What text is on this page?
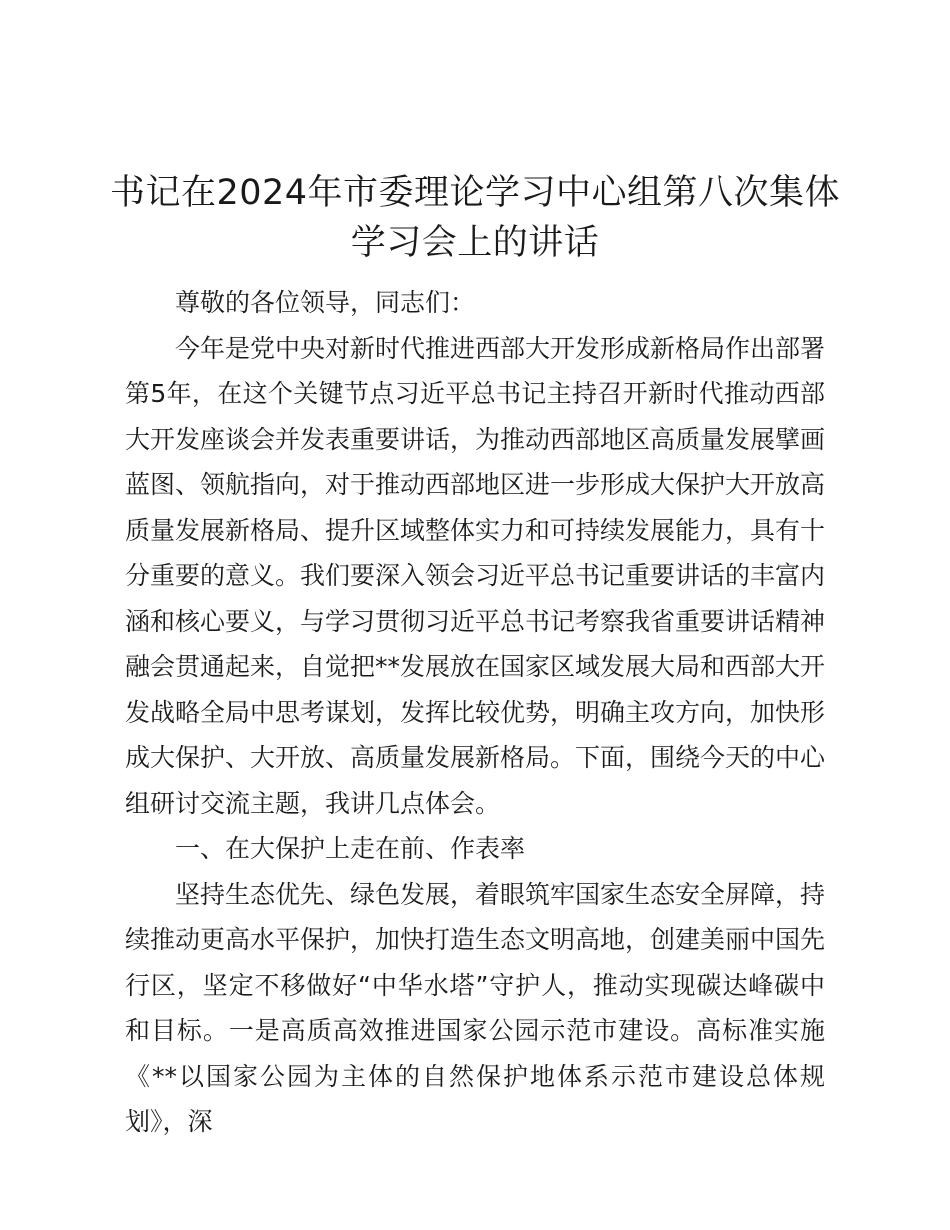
书记在2024年市委理论学习中心组第八次集体学习会上的讲话

尊敬的各位领导，同志们：

今年是党中央对新时代推进西部大开发形成新格局作出部署第5年，在这个关键节点习近平总书记主持召开新时代推动西部大开发座谈会并发表重要讲话，为推动西部地区高质量发展擘画蓝图、领航指向，对于推动西部地区进一步形成大保护大开放高质量发展新格局、提升区域整体实力和可持续发展能力，具有十分重要的意义。我们要深入领会习近平总书记重要讲话的丰富内涵和核心要义，与学习贯彻习近平总书记考察我省重要讲话精神融会贯通起来，自觉把**发展放在国家区域发展大局和西部大开发战略全局中思考谋划，发挥比较优势，明确主攻方向，加快形成大保护、大开放、高质量发展新格局。下面，围绕今天的中心组研讨交流主题，我讲几点体会。

一、在大保护上走在前、作表率

坚持生态优先、绿色发展，着眼筑牢国家生态安全屏障，持续推动更高水平保护，加快打造生态文明高地，创建美丽中国先行区，坚定不移做好“中华水塔”守护人，推动实现碳达峰碳中和目标。一是高质高效推进国家公园示范市建设。高标准实施《**以国家公园为主体的自然保护地体系示范市建设总体规划》，深
